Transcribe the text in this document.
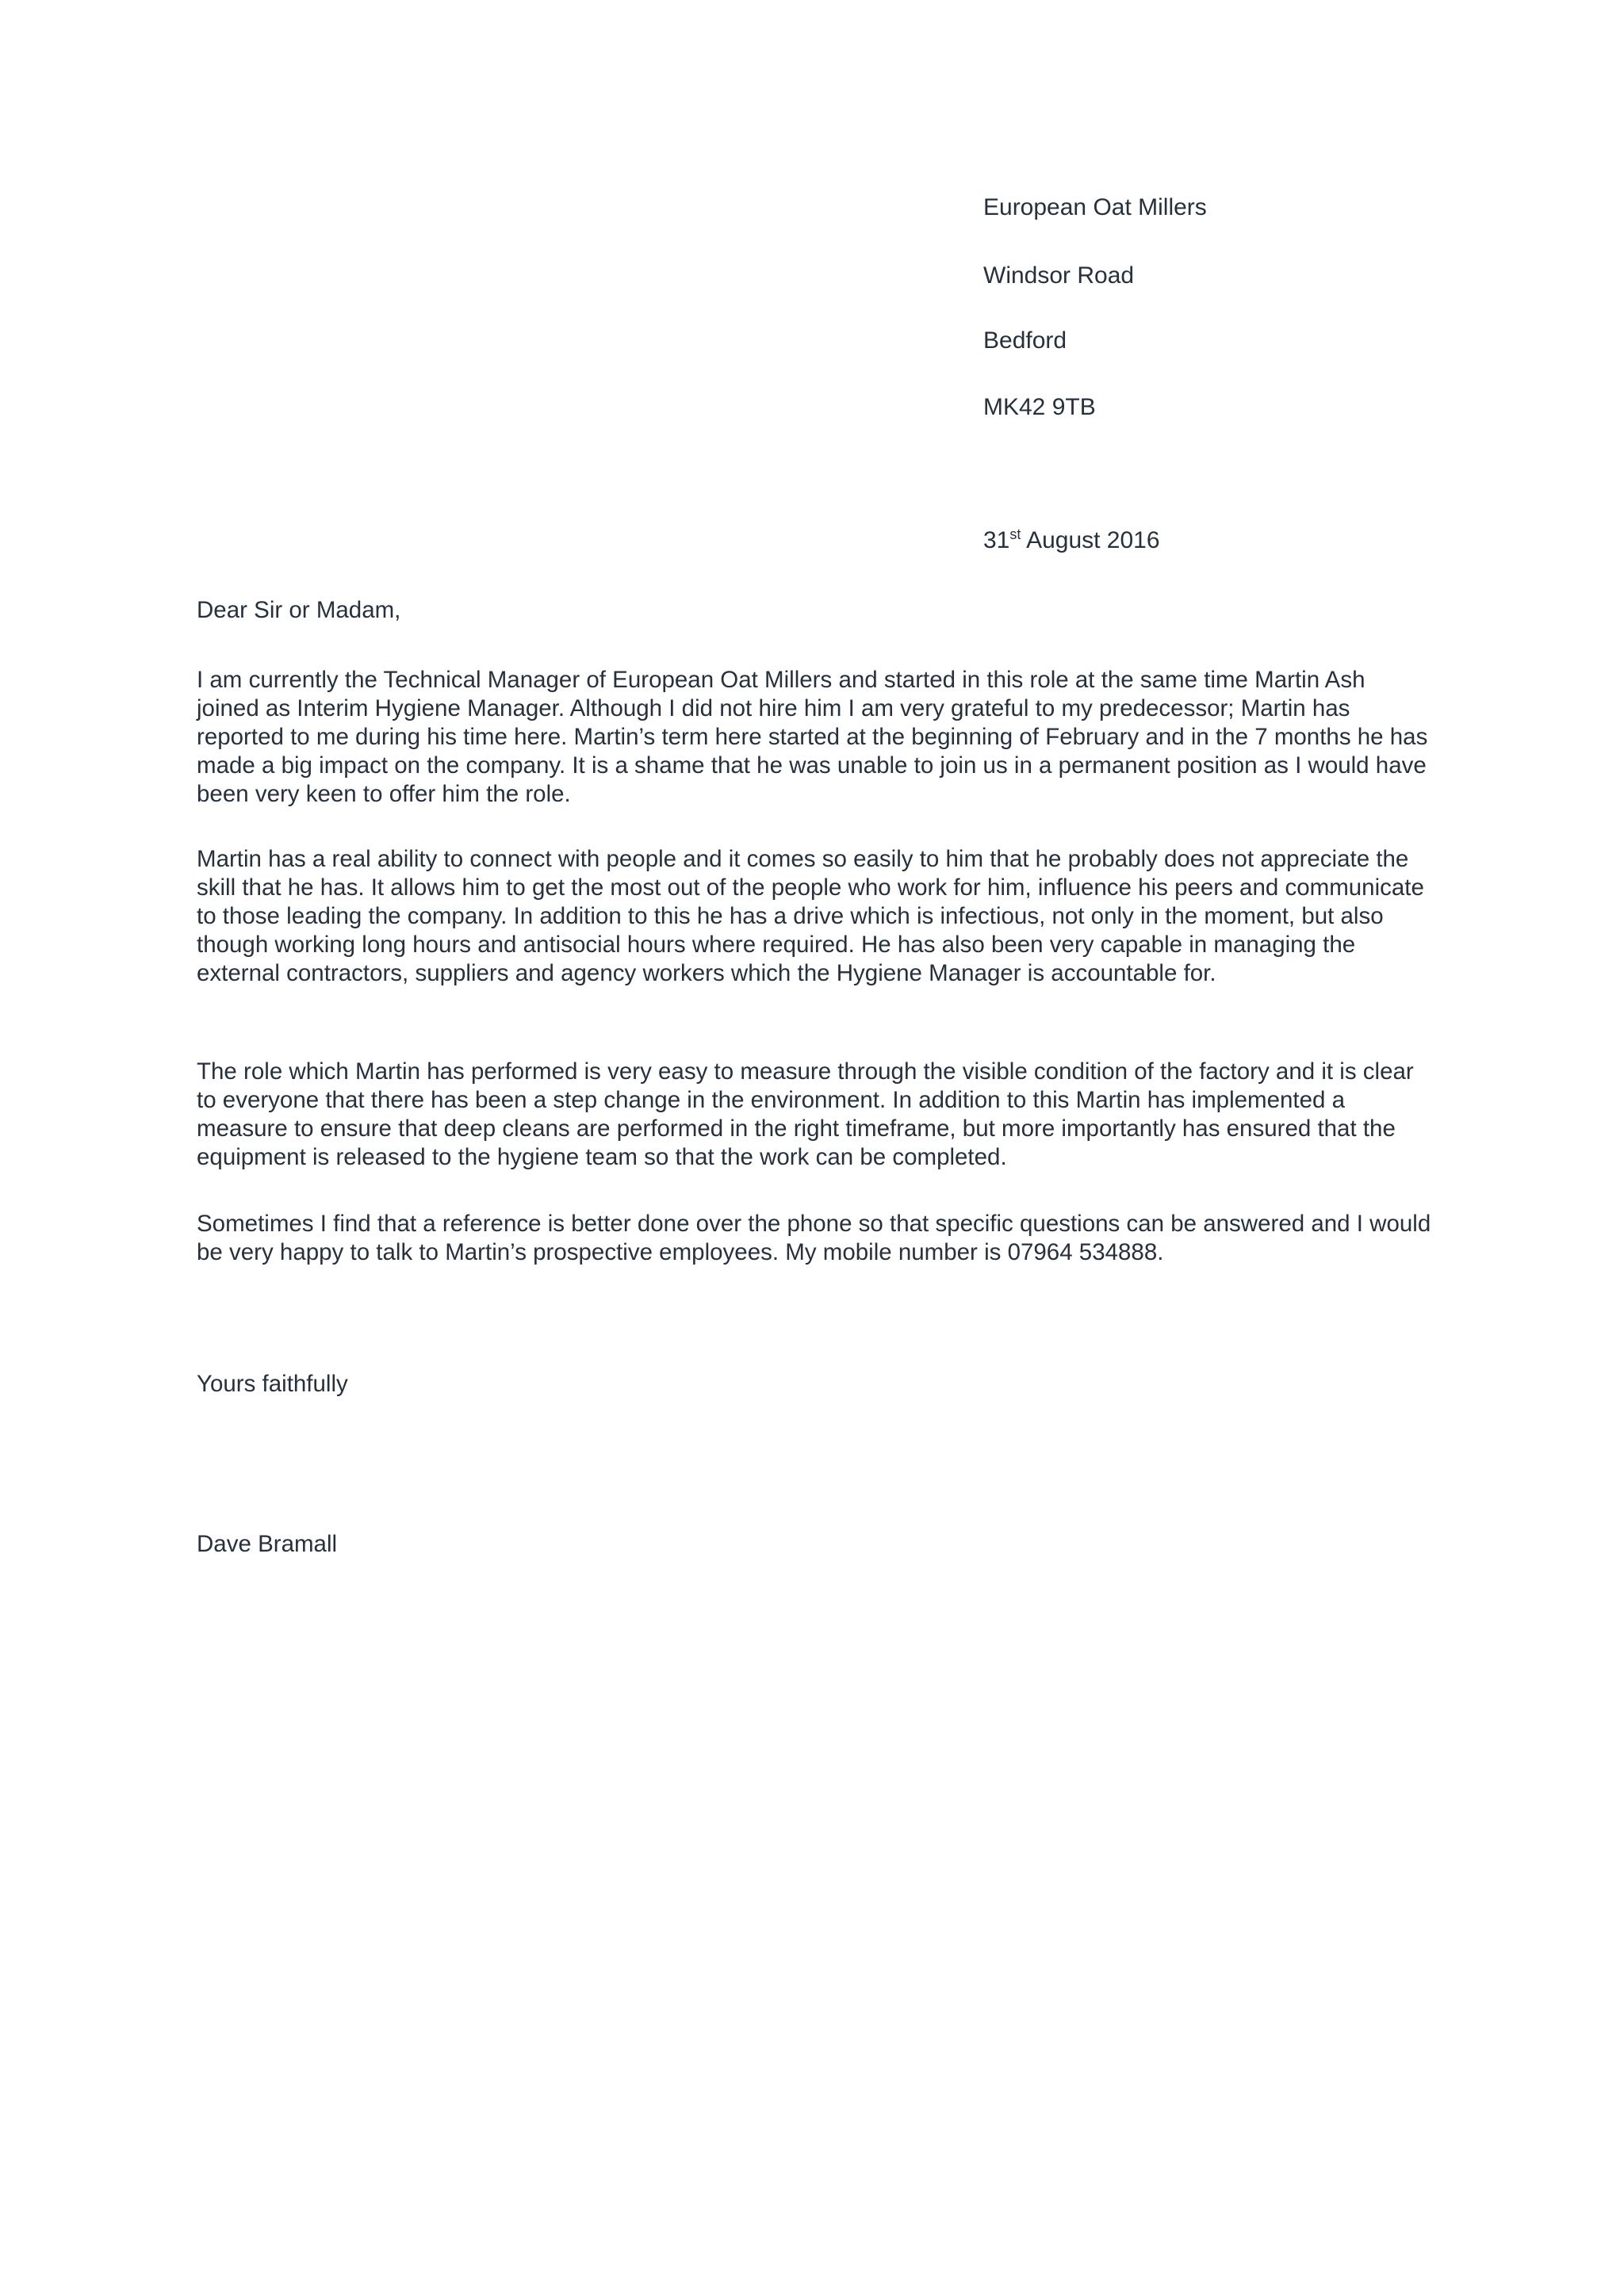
European Oat Millers
Windsor Road
Bedford
MK42 9TB
31st August 2016
Dear Sir or Madam,

I am currently the Technical Manager of European Oat Millers and started in this role at the same time Martin Ash joined as Interim Hygiene Manager. Although I did not hire him I am very grateful to my predecessor; Martin has reported to me during his time here. Martin’s term here started at the beginning of February and in the 7 months he has made a big impact on the company. It is a shame that he was unable to join us in a permanent position as I would have been very keen to offer him the role.

Martin has a real ability to connect with people and it comes so easily to him that he probably does not appreciate the skill that he has. It allows him to get the most out of the people who work for him, influence his peers and communicate to those leading the company. In addition to this he has a drive which is infectious, not only in the moment, but also though working long hours and antisocial hours where required. He has also been very capable in managing the external contractors, suppliers and agency workers which the Hygiene Manager is accountable for.

The role which Martin has performed is very easy to measure through the visible condition of the factory and it is clear to everyone that there has been a step change in the environment. In addition to this Martin has implemented a measure to ensure that deep cleans are performed in the right timeframe, but more importantly has ensured that the equipment is released to the hygiene team so that the work can be completed.

Sometimes I find that a reference is better done over the phone so that specific questions can be answered and I would be very happy to talk to Martin’s prospective employees. My mobile number is 07964 534888.

Yours faithfully
Dave Bramall
